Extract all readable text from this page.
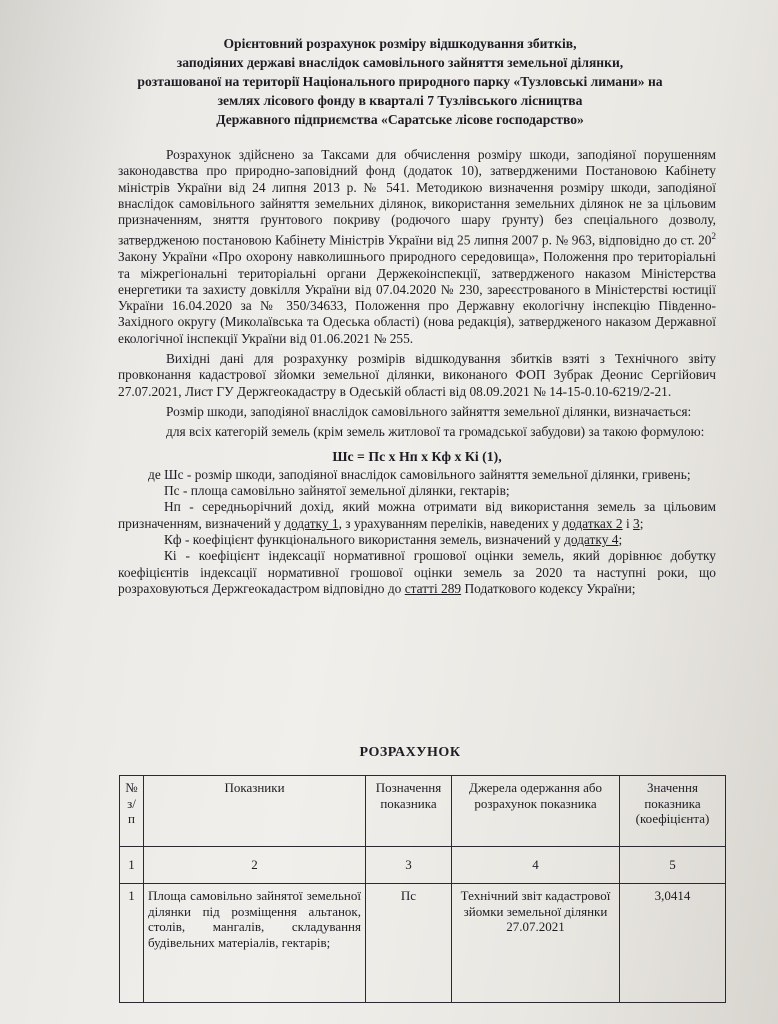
Орієнтовний розрахунок розміру відшкодування збитків,
заподіяних державі внаслідок самовільного зайняття земельної ділянки,
розташованої на території Національного природного парку «Тузловські лимани» на
землях лісового фонду в кварталі 7 Тузлівського лісництва
Державного підприємства «Саратське лісове господарство»

Розрахунок здійснено за Таксами для обчислення розміру шкоди, заподіяної порушенням законодавства про природно-заповідний фонд (додаток 10), затвердженими Постановою Кабінету міністрів України від 24 липня 2013 р. № 541. Методикою визначення розміру шкоди, заподіяної внаслідок самовільного зайняття земельних ділянок, використання земельних ділянок не за цільовим призначенням, зняття ґрунтового покриву (родючого шару ґрунту) без спеціального дозволу, затвердженою постановою Кабінету Міністрів України від 25 липня 2007 р. № 963, відповідно до ст. $20^2$ Закону України «Про охорону навколишнього природного середовища», Положення про територіальні та міжрегіональні територіальні органи Держекоінспекції, затвердженого наказом Міністерства енергетики та захисту довкілля України від 07.04.2020 № 230, зареєстрованого в Міністерстві юстиції України 16.04.2020 за № 350/34633, Положення про Державну екологічну інспекцію Південно-Західного округу (Миколаївська та Одеська області) (нова редакція), затвердженого наказом Державної екологічної інспекції України від 01.06.2021 № 255.

Вихідні дані для розрахунку розмірів відшкодування збитків взяті з Технічного звіту провконання кадастрової зйомки земельної ділянки, виконаного ФОП Зубрак Деонис Сергійович 27.07.2021, Лист ГУ Держгеокадастру в Одеській області від 08.09.2021 № 14-15-0.10-6219/2-21.

Розмір шкоди, заподіяної внаслідок самовільного зайняття земельної ділянки, визначається:

для всіх категорій земель (крім земель житлової та громадської забудови) за такою формулою:

Шс = Пс х Нп х Кф х Кі (1),

де Шс - розмір шкоди, заподіяної внаслідок самовільного зайняття земельної ділянки, гривень;

Пс - площа самовільно зайнятої земельної ділянки, гектарів;

Нп - середньорічний дохід, який можна отримати від використання земель за цільовим призначенням, визначений у додатку 1, з урахуванням переліків, наведених у додатках 2 і 3;

Кф - коефіцієнт функціонального використання земель, визначений у додатку 4;

Кі - коефіцієнт індексації нормативної грошової оцінки земель, який дорівнює добутку коефіцієнтів індексації нормативної грошової оцінки земель за 2020 та наступні роки, що розраховуються Держгеокадастром відповідно до статті 289 Податкового кодексу України;

РОЗРАХУНОК
№ з/п	Показники	Позначення показника	Джерела одержання або розрахунок показника	Значення показника (коефіцієнта)
1	2	3	4	5
1	Площа самовільно зайнятої земельної ділянки під розміщення альтанок, столів, мангалів, складування будівельних матеріалів, гектарів;	Пс	Технічний звіт кадастрової зйомки земельної ділянки 27.07.2021	3,0414
